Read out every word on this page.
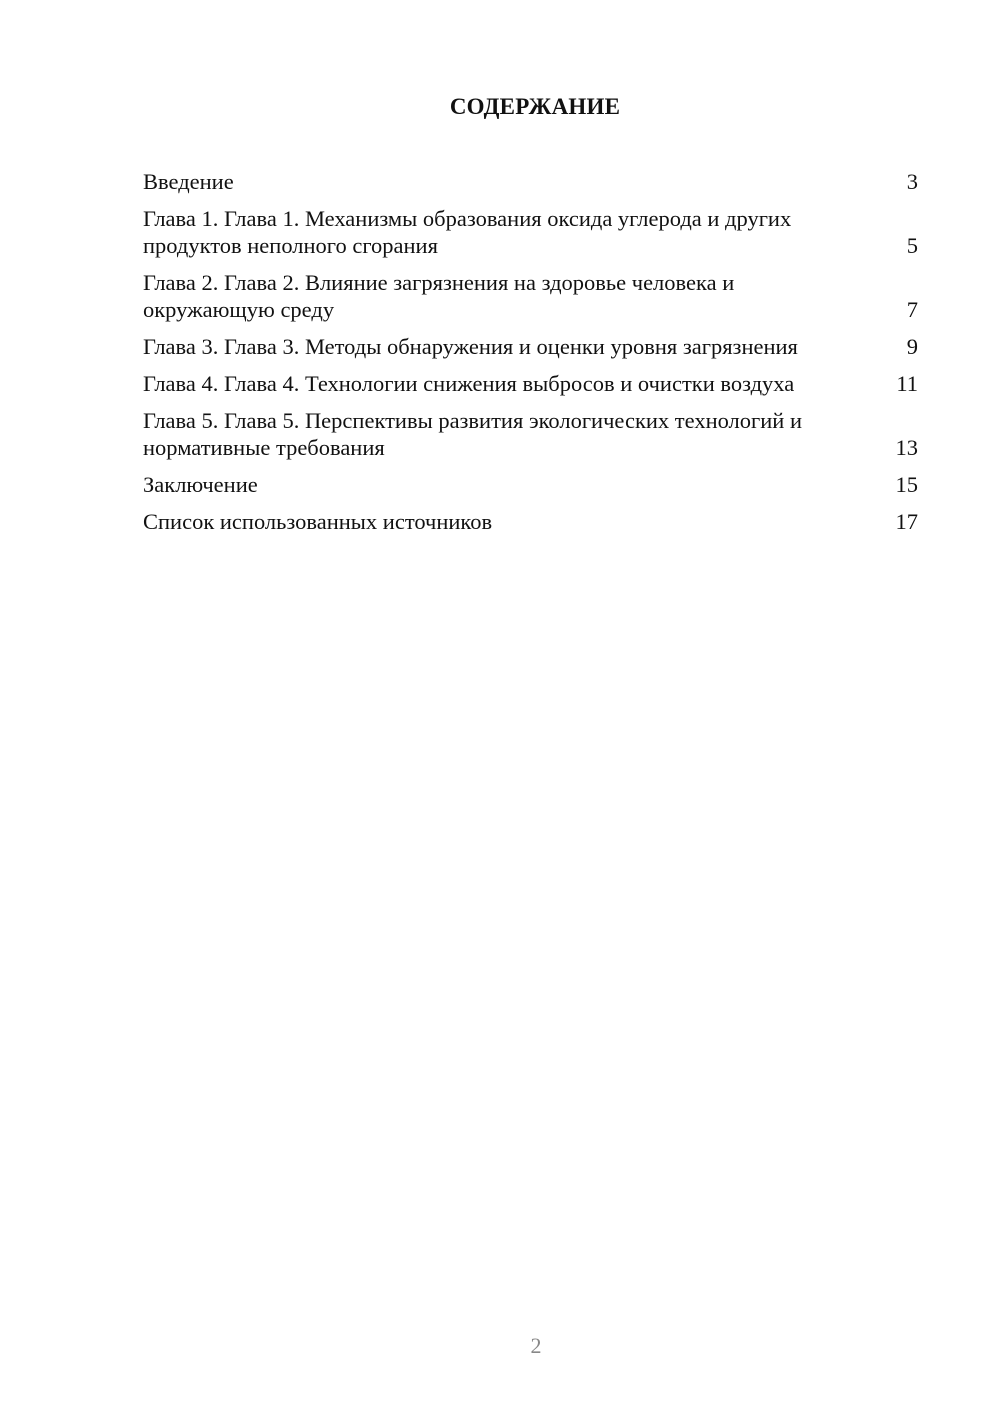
СОДЕРЖАНИЕ
Введение	3
Глава 1. Глава 1. Механизмы образования оксида углерода и других продуктов неполного сгорания	5
Глава 2. Глава 2. Влияние загрязнения на здоровье человека и окружающую среду	7
Глава 3. Глава 3. Методы обнаружения и оценки уровня загрязнения	9
Глава 4. Глава 4. Технологии снижения выбросов и очистки воздуха	11
Глава 5. Глава 5. Перспективы развития экологических технологий и нормативные требования	13
Заключение	15
Список использованных источников	17
2
